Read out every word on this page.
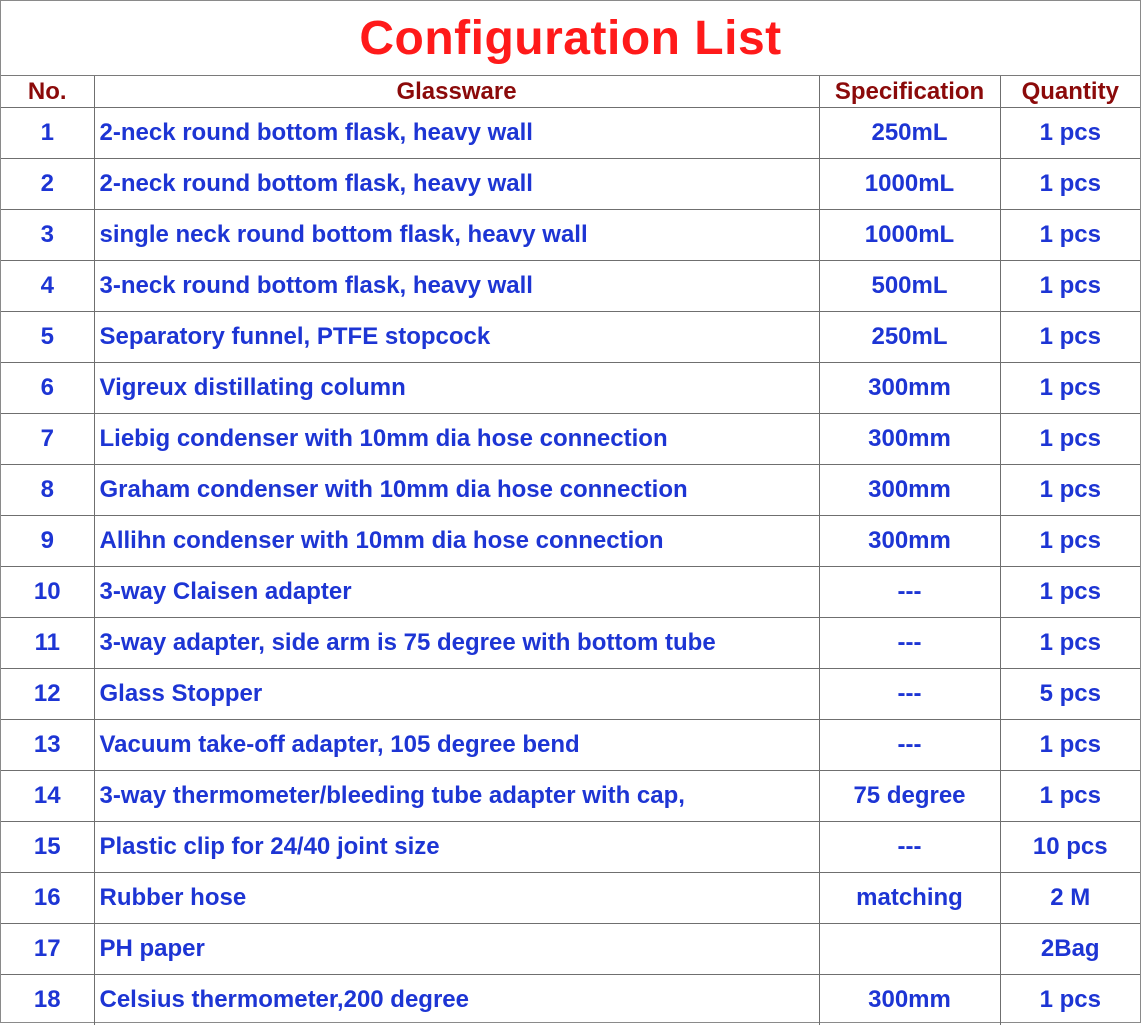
Configuration List
No.	Glassware	Specification	Quantity
1	2-neck round bottom flask, heavy wall	250mL	1 pcs
2	2-neck round bottom flask, heavy wall	1000mL	1 pcs
3	single neck round bottom flask, heavy wall	1000mL	1 pcs
4	3-neck round bottom flask, heavy wall	500mL	1 pcs
5	Separatory funnel, PTFE stopcock	250mL	1 pcs
6	Vigreux distillating column	300mm	1 pcs
7	Liebig condenser with 10mm dia hose connection	300mm	1 pcs
8	Graham condenser with 10mm dia hose connection	300mm	1 pcs
9	Allihn condenser with 10mm dia hose connection	300mm	1 pcs
10	3-way Claisen adapter	---	1 pcs
11	3-way adapter, side arm is 75 degree with bottom tube	---	1 pcs
12	Glass Stopper	---	5 pcs
13	Vacuum take-off adapter, 105 degree bend	---	1 pcs
14	3-way thermometer/bleeding tube adapter with cap,	75 degree	1 pcs
15	Plastic clip for 24/40 joint size	---	10 pcs
16	Rubber hose	matching	2 M
17	PH paper		2Bag
18	Celsius thermometer,200 degree	300mm	1 pcs
